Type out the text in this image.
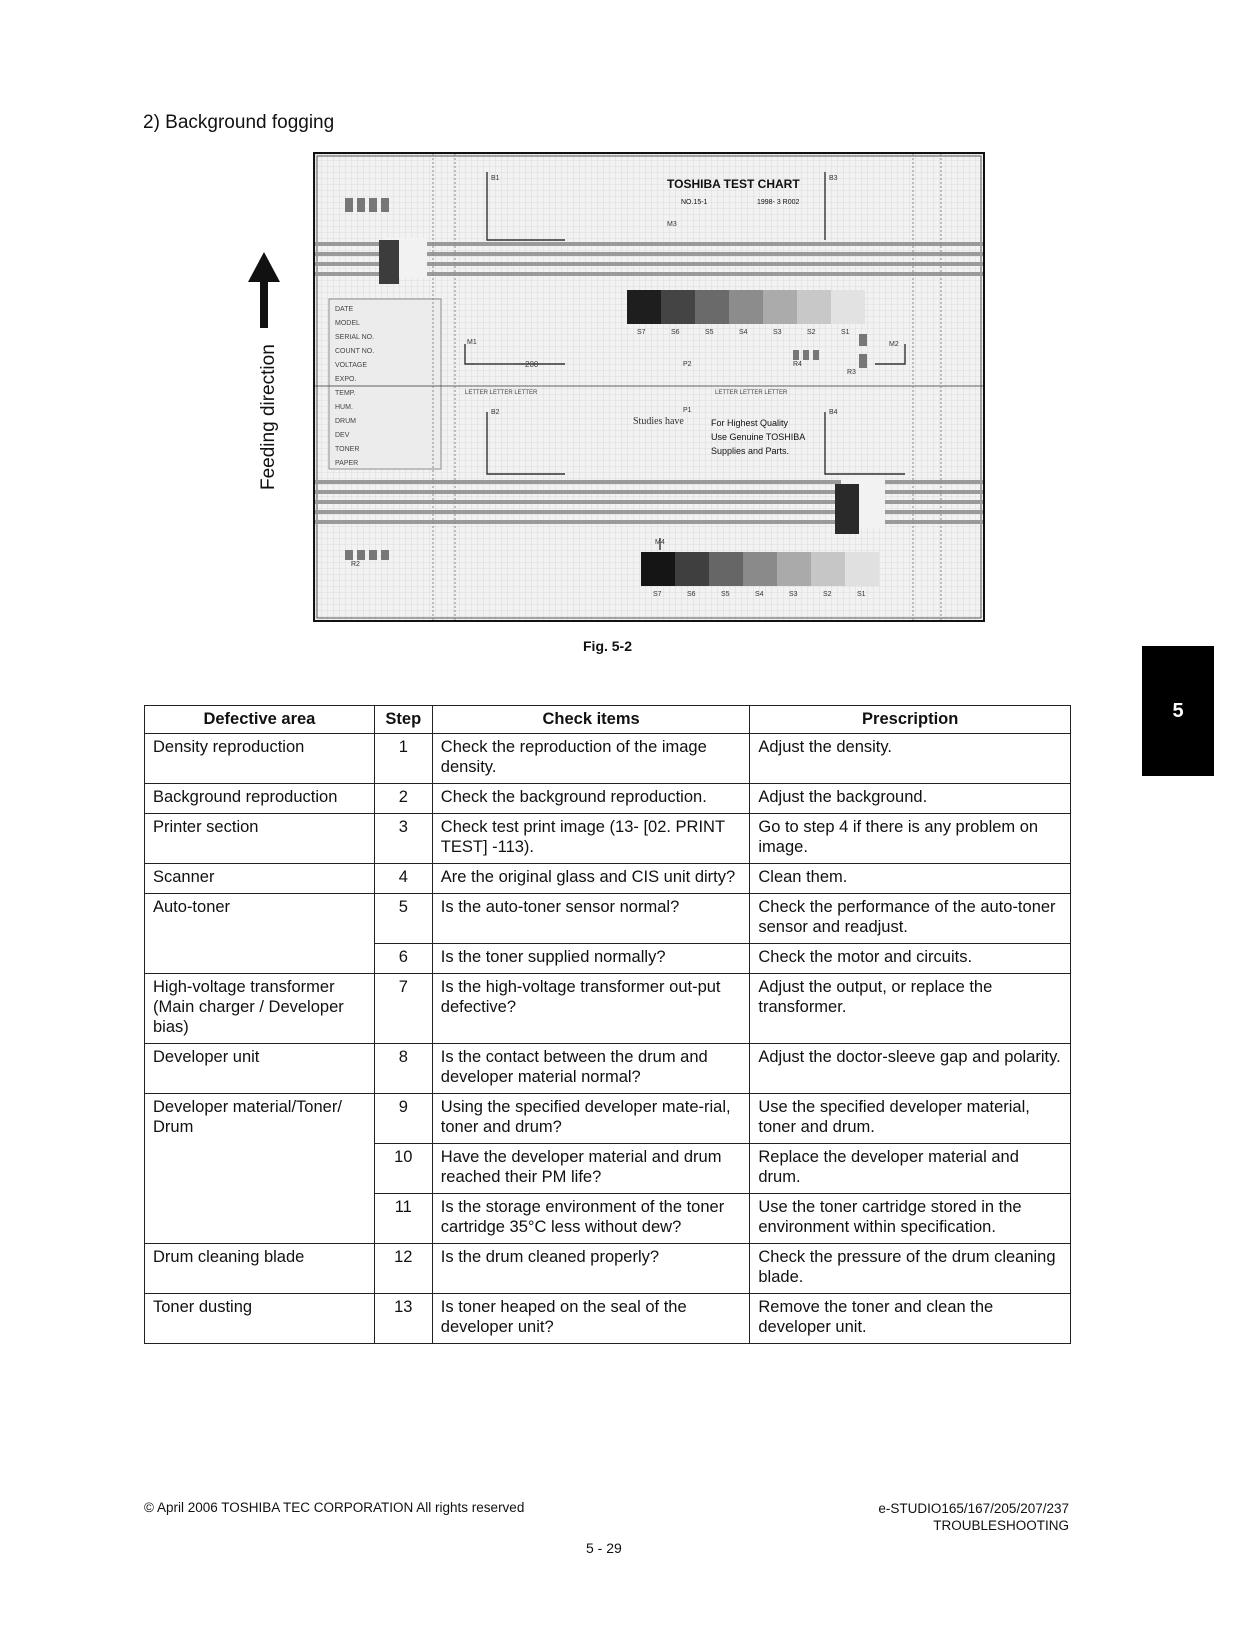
2) Background fogging
Feeding direction
DATE
MODEL
SERIAL NO.
COUNT NO.
VOLTAGE
EXPO.
TEMP.
HUM.
DRUM
DEV
TONER
PAPER
B1	B3
M3
M1	M2
B2	B4
M4
R2
R3
R4
P1
P2
TOSHIBA TEST CHART
NO.15-1	1998- 3 R002
S7	S6	S5	S4	S3	S2	S1
200
LETTER LETTER LETTER	LETTER LETTER LETTER
Studies have	For Highest Quality
Use Genuine TOSHIBA
Supplies and Parts.
S7	S6	S5	S4	S3	S2	S1
Fig. 5-2
5
Defective area	Step	Check items	Prescription
Density reproduction	1	Check the reproduction of the image density.	Adjust the density.
Background reproduction	2	Check the background reproduction.	Adjust the background.
Printer section	3	Check test print image (13- [02. PRINT TEST] -113).	Go to step 4 if there is any problem on image.
Scanner	4	Are the original glass and CIS unit dirty?	Clean them.
Auto-toner	5	Is the auto-toner sensor normal?	Check the performance of the auto-toner sensor and readjust.
	6	Is the toner supplied normally?	Check the motor and circuits.
High-voltage transformer (Main charger / Developer bias)	7	Is the high-voltage transformer out-put defective?	Adjust the output, or replace the transformer.
Developer unit	8	Is the contact between the drum and developer material normal?	Adjust the doctor-sleeve gap and polarity.
Developer material/Toner/ Drum	9	Using the specified developer mate-rial, toner and drum?	Use the specified developer material, toner and drum.
	10	Have the developer material and drum reached their PM life?	Replace the developer material and drum.
	11	Is the storage environment of the toner cartridge 35°C less without dew?	Use the toner cartridge stored in the environment within specification.
Drum cleaning blade	12	Is the drum cleaned properly?	Check the pressure of the drum cleaning blade.
Toner dusting	13	Is toner heaped on the seal of the developer unit?	Remove the toner and clean the developer unit.
© April 2006 TOSHIBA TEC CORPORATION All rights reserved	e-STUDIO165/167/205/207/237
TROUBLESHOOTING
5 - 29
